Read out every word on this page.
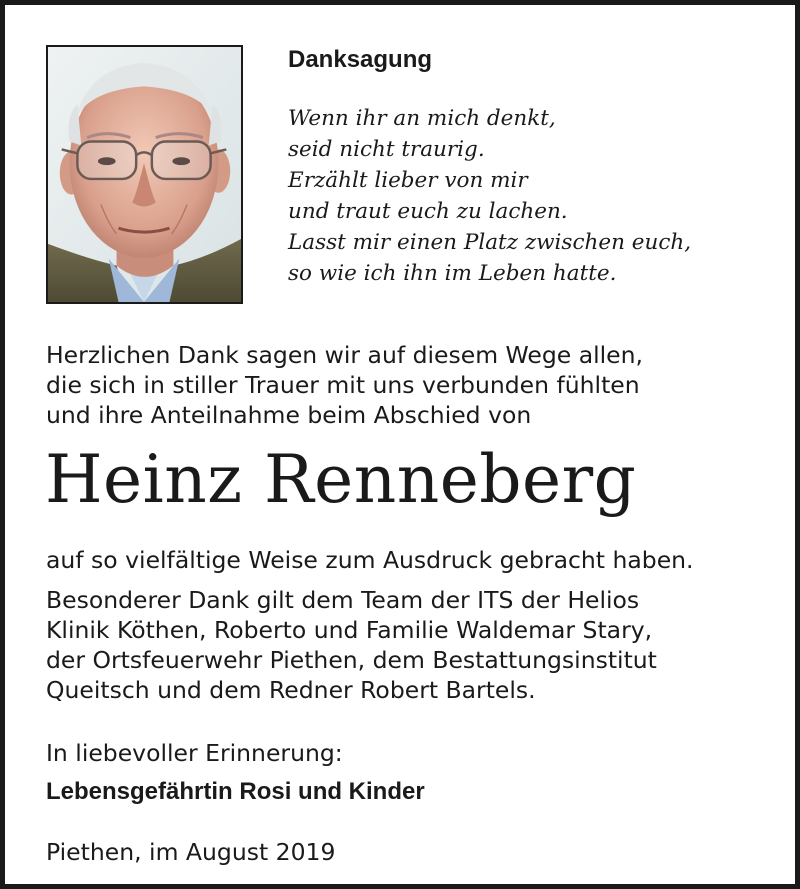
Danksagung
Wenn ihr an mich denkt,
seid nicht traurig.
Erzählt lieber von mir
und traut euch zu lachen.
Lasst mir einen Platz zwischen euch,
so wie ich ihn im Leben hatte.
Herzlichen Dank sagen wir auf diesem Wege allen,
die sich in stiller Trauer mit uns verbunden fühlten
und ihre Anteilnahme beim Abschied von
Heinz Renneberg
auf so vielfältige Weise zum Ausdruck gebracht haben.
Besonderer Dank gilt dem Team der ITS der Helios
Klinik Köthen, Roberto und Familie Waldemar Stary,
der Ortsfeuerwehr Piethen, dem Bestattungsinstitut
Queitsch und dem Redner Robert Bartels.
In liebevoller Erinnerung:
Lebensgefährtin Rosi und Kinder
Piethen, im August 2019
